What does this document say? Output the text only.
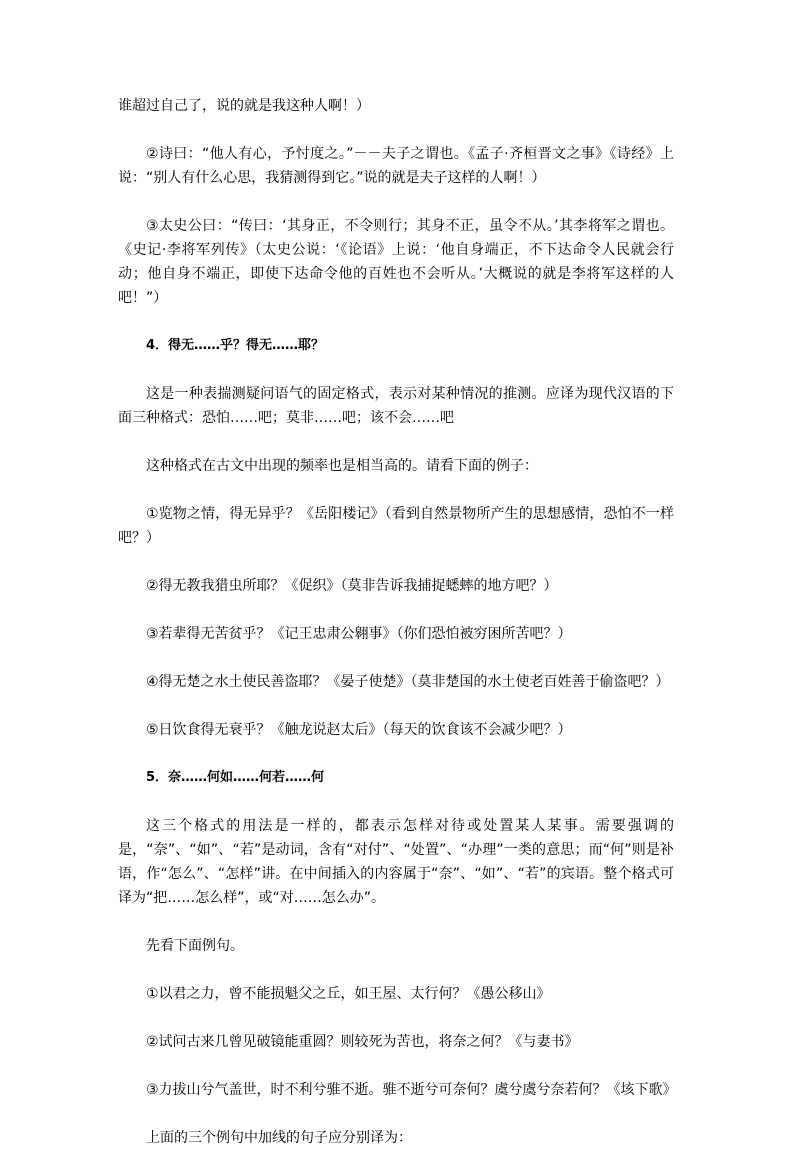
谁超过自己了，说的就是我这种人啊！）

②诗曰：“他人有心，予忖度之。”－－夫子之谓也。《孟子·齐桓晋文之事》《诗经》上说：“别人有什么心思，我猜测得到它。”说的就是夫子这样的人啊！）

③太史公曰：“传曰：‘其身正，不令则行；其身不正，虽令不从。’其李将军之谓也。《史记·李将军列传》（太史公说：‘《论语》上说：‘他自身端正，不下达命令人民就会行动；他自身不端正，即使下达命令他的百姓也不会听从。’大概说的就是李将军这样的人吧！”）

4．得无……乎？得无……耶？

这是一种表揣测疑问语气的固定格式，表示对某种情况的推测。应译为现代汉语的下面三种格式：恐怕……吧；莫非……吧；该不会……吧

这种格式在古文中出现的频率也是相当高的。请看下面的例子：

①览物之情，得无异乎？《岳阳楼记》（看到自然景物所产生的思想感情，恐怕不一样吧？）

②得无教我猎虫所耶？《促织》（莫非告诉我捕捉蟋蟀的地方吧？）

③若辈得无苦贫乎？《记王忠肃公翱事》（你们恐怕被穷困所苦吧？）

④得无楚之水土使民善盗耶？《晏子使楚》（莫非楚国的水土使老百姓善于偷盗吧？）

⑤日饮食得无衰乎？《触龙说赵太后》（每天的饮食该不会减少吧？）

5．奈……何如……何若……何

这三个格式的用法是一样的，都表示怎样对待或处置某人某事。需要强调的是，“奈”、“如”、“若”是动词，含有“对付”、“处置”、“办理”一类的意思；而“何”则是补语，作“怎么”、“怎样”讲。在中间插入的内容属于“奈”、“如”、“若”的宾语。整个格式可译为“把……怎么样”，或“对……怎么办”。

先看下面例句。

①以君之力，曾不能损魁父之丘，如王屋、太行何？《愚公移山》

②试问古来几曾见破镜能重圆？则较死为苦也，将奈之何？《与妻书》

③力拔山兮气盖世，时不利兮骓不逝。骓不逝兮可奈何？虞兮虞兮奈若何？《垓下歌》

上面的三个例句中加线的句子应分别译为：
